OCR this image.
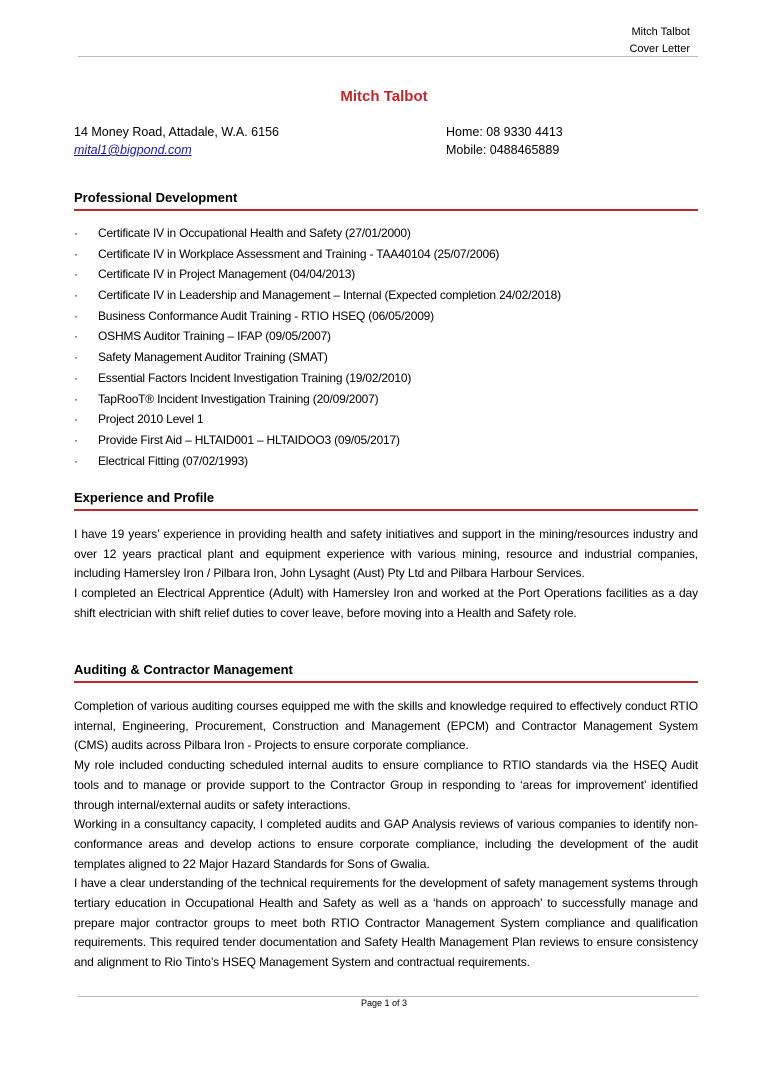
Mitch Talbot
Cover Letter
Mitch Talbot
14 Money Road, Attadale, W.A. 6156	Home: 08 9330 4413
mital1@bigpond.com	Mobile: 0488465889
Professional Development
· Certificate IV in Occupational Health and Safety (27/01/2000)
· Certificate IV in Workplace Assessment and Training - TAA40104 (25/07/2006)
· Certificate IV in Project Management (04/04/2013)
· Certificate IV in Leadership and Management – Internal (Expected completion 24/02/2018)
· Business Conformance Audit Training - RTIO HSEQ (06/05/2009)
· OSHMS Auditor Training – IFAP (09/05/2007)
· Safety Management Auditor Training (SMAT)
· Essential Factors Incident Investigation Training (19/02/2010)
· TapRooT® Incident Investigation Training (20/09/2007)
· Project 2010 Level 1
· Provide First Aid – HLTAID001 – HLTAIDOO3 (09/05/2017)
· Electrical Fitting (07/02/1993)
Experience and Profile

I have 19 years’ experience in providing health and safety initiatives and support in the mining/resources industry and over 12 years practical plant and equipment experience with various mining, resource and industrial companies, including Hamersley Iron / Pilbara Iron, John Lysaght (Aust) Pty Ltd and Pilbara Harbour Services.

I completed an Electrical Apprentice (Adult) with Hamersley Iron and worked at the Port Operations facilities as a day shift electrician with shift relief duties to cover leave, before moving into a Health and Safety role.

Auditing & Contractor Management

Completion of various auditing courses equipped me with the skills and knowledge required to effectively conduct RTIO internal, Engineering, Procurement, Construction and Management (EPCM) and Contractor Management System (CMS) audits across Pilbara Iron - Projects to ensure corporate compliance.

My role included conducting scheduled internal audits to ensure compliance to RTIO standards via the HSEQ Audit tools and to manage or provide support to the Contractor Group in responding to ‘areas for improvement’ identified through internal/external audits or safety interactions.

Working in a consultancy capacity, I completed audits and GAP Analysis reviews of various companies to identify non-conformance areas and develop actions to ensure corporate compliance, including the development of the audit templates aligned to 22 Major Hazard Standards for Sons of Gwalia.

I have a clear understanding of the technical requirements for the development of safety management systems through tertiary education in Occupational Health and Safety as well as a ‘hands on approach’ to successfully manage and prepare major contractor groups to meet both RTIO Contractor Management System compliance and qualification requirements. This required tender documentation and Safety Health Management Plan reviews to ensure consistency and alignment to Rio Tinto’s HSEQ Management System and contractual requirements.

Page 1 of 3
